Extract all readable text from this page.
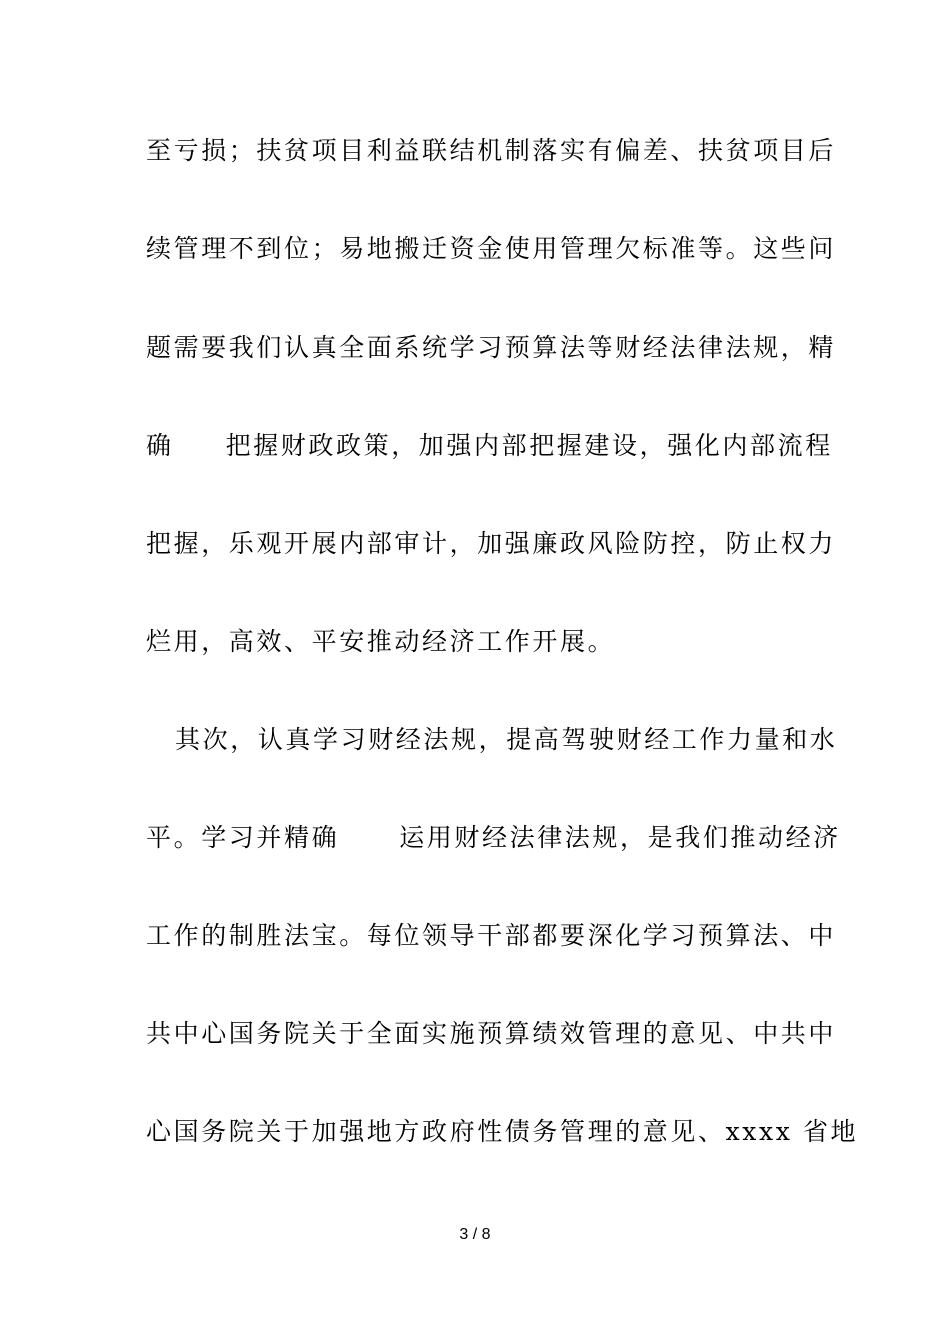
至亏损；扶贫项目利益联结机制落实有偏差、扶贫项目后
续管理不到位；易地搬迁资金使用管理欠标准等。这些问
题需要我们认真全面系统学习预算法等财经法律法规，精
确 把握财政政策，加强内部把握建设，强化内部流程
把握，乐观开展内部审计，加强廉政风险防控，防止权力
烂用，高效、平安推动经济工作开展。
其次，认真学习财经法规，提高驾驶财经工作力量和水
平。学习并精确 运用财经法律法规，是我们推动经济
工作的制胜法宝。每位领导干部都要深化学习预算法、中
共中心国务院关于全面实施预算绩效管理的意见、中共中
心国务院关于加强地方政府性债务管理的意见、xxxx 省地
3 / 8
